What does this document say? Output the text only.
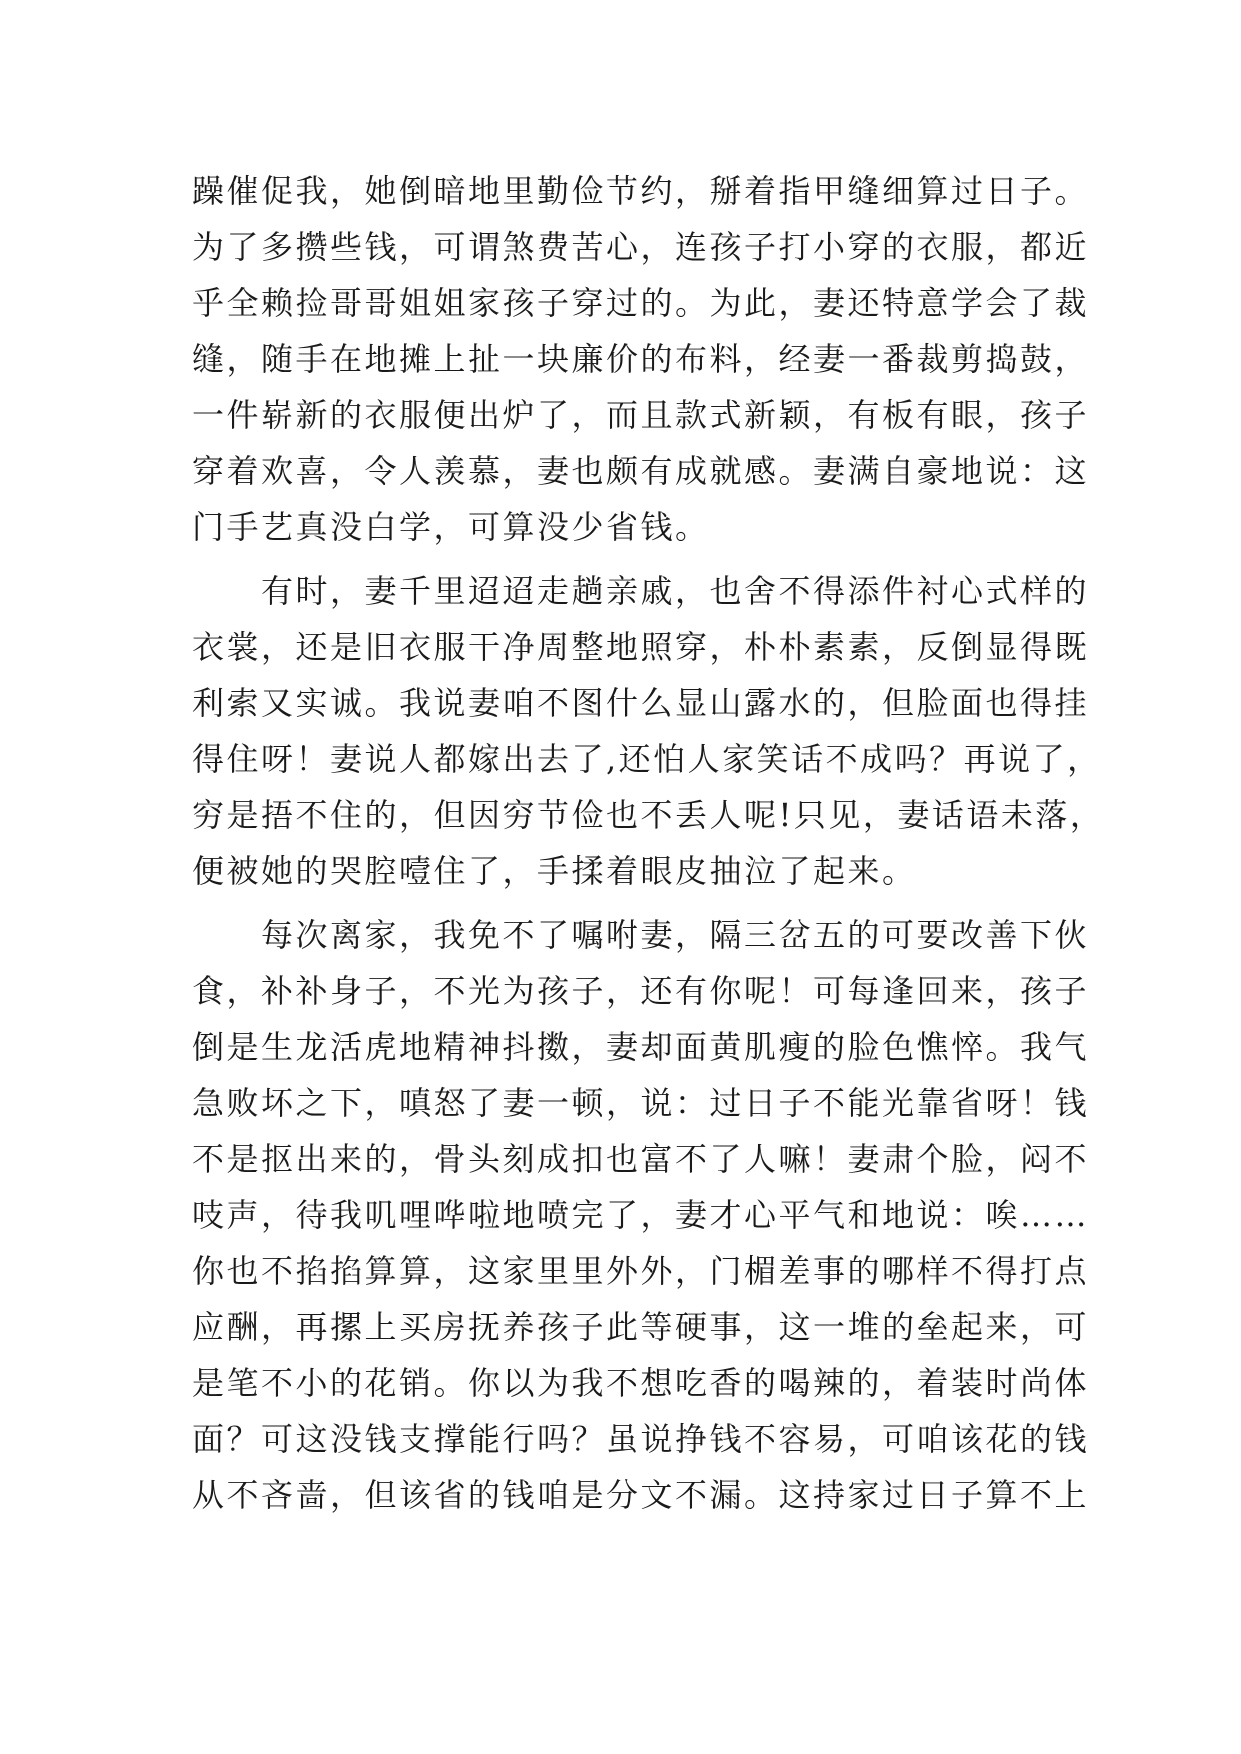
躁催促我，她倒暗地里勤俭节约，掰着指甲缝细算过日子。
为了多攒些钱，可谓煞费苦心，连孩子打小穿的衣服，都近
乎全赖捡哥哥姐姐家孩子穿过的。为此，妻还特意学会了裁
缝，随手在地摊上扯一块廉价的布料，经妻一番裁剪捣鼓，
一件崭新的衣服便出炉了，而且款式新颖，有板有眼，孩子
穿着欢喜，令人羡慕，妻也颇有成就感。妻满自豪地说：这
门手艺真没白学，可算没少省钱。
　　有时，妻千里迢迢走趟亲戚，也舍不得添件衬心式样的
衣裳，还是旧衣服干净周整地照穿，朴朴素素，反倒显得既
利索又实诚。我说妻咱不图什么显山露水的，但脸面也得挂
得住呀！妻说人都嫁出去了,还怕人家笑话不成吗？再说了，
穷是捂不住的，但因穷节俭也不丢人呢!只见，妻话语未落，
便被她的哭腔噎住了，手揉着眼皮抽泣了起来。
　　每次离家，我免不了嘱咐妻，隔三岔五的可要改善下伙
食，补补身子，不光为孩子，还有你呢！可每逢回来，孩子
倒是生龙活虎地精神抖擞，妻却面黄肌瘦的脸色憔悴。我气
急败坏之下，嗔怒了妻一顿，说：过日子不能光靠省呀！钱
不是抠出来的，骨头刻成扣也富不了人嘛！妻肃个脸，闷不
吱声，待我叽哩哗啦地喷完了，妻才心平气和地说：唉……
你也不掐掐算算，这家里里外外，门楣差事的哪样不得打点
应酬，再摞上买房抚养孩子此等硬事，这一堆的垒起来，可
是笔不小的花销。你以为我不想吃香的喝辣的，着装时尚体
面？可这没钱支撑能行吗？虽说挣钱不容易，可咱该花的钱
从不吝啬，但该省的钱咱是分文不漏。这持家过日子算不上
